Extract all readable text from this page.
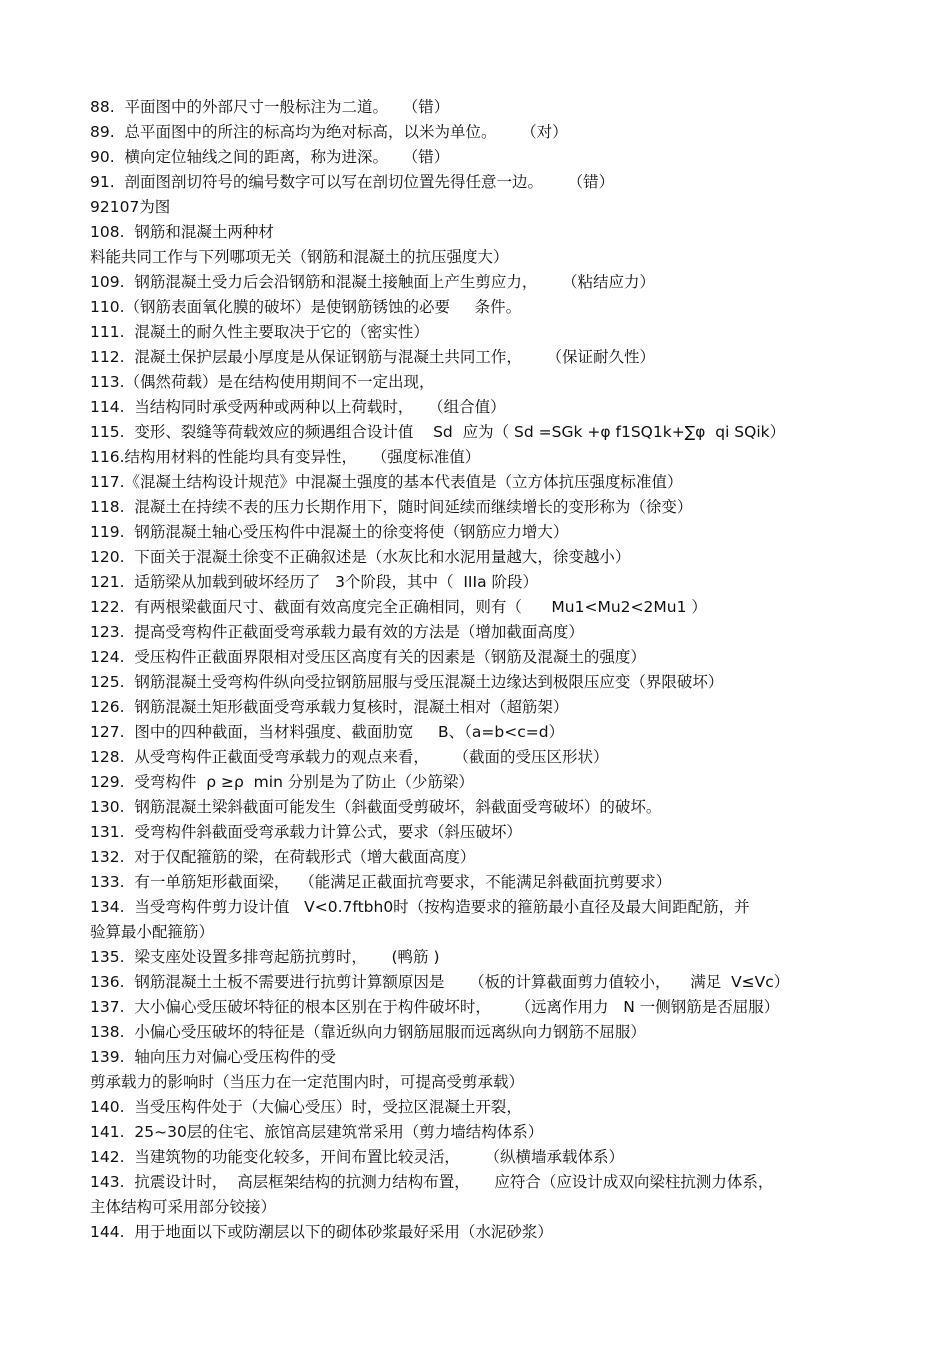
88.  平面图中的外部尺寸一般标注为二道。   （错）
89.  总平面图中的所注的标高均为绝对标高，以米为单位。     （对）
90.  横向定位轴线之间的距离，称为进深。   （错）
91.  剖面图剖切符号的编号数字可以写在剖切位置先得任意一边。     （错）
92107为图
108.  钢筋和混凝土两种材
料能共同工作与下列哪项无关（钢筋和混凝土的抗压强度大）
109.  钢筋混凝土受力后会沿钢筋和混凝土接触面上产生剪应力，     （粘结应力）
110.（钢筋表面氧化膜的破坏）是使钢筋锈蚀的必要     条件。
111.  混凝土的耐久性主要取决于它的（密实性）
112.  混凝土保护层最小厚度是从保证钢筋与混凝土共同工作，     （保证耐久性）
113.（偶然荷载）是在结构使用期间不一定出现，
114.  当结构同时承受两种或两种以上荷载时，   （组合值）
115.  变形、裂缝等荷载效应的频遇组合设计值    Sd  应为（ Sd =SGk +φ f1SQ1k+∑φ  qi SQik）
116.结构用材料的性能均具有变异性，   （强度标准值）
117.《混凝土结构设计规范》中混凝土强度的基本代表值是（立方体抗压强度标准值）
118.  混凝土在持续不表的压力长期作用下，随时间延续而继续增长的变形称为（徐变）
119.  钢筋混凝土轴心受压构件中混凝土的徐变将使（钢筋应力增大）
120.  下面关于混凝土徐变不正确叙述是（水灰比和水泥用量越大，徐变越小）
121.  适筋梁从加载到破坏经历了   3个阶段，其中（  IIIa 阶段）
122.  有两根梁截面尺寸、截面有效高度完全正确相同，则有（      Mu1<Mu2<2Mu1 ）
123.  提高受弯构件正截面受弯承载力最有效的方法是（增加截面高度）
124.  受压构件正截面界限相对受压区高度有关的因素是（钢筋及混凝土的强度）
125.  钢筋混凝土受弯构件纵向受拉钢筋屈服与受压混凝土边缘达到极限压应变（界限破坏）
126.  钢筋混凝土矩形截面受弯承载力复核时，混凝土相对（超筋架）
127.  图中的四种截面，当材料强度、截面肋宽     B、（a=b<c=d）
128.  从受弯构件正截面受弯承载力的观点来看，     （截面的受压区形状）
129.  受弯构件  ρ ≥ρ  min 分别是为了防止（少筋梁）
130.  钢筋混凝土梁斜截面可能发生（斜截面受剪破坏，斜截面受弯破坏）的破坏。
131.  受弯构件斜截面受弯承载力计算公式，要求（斜压破坏）
132.  对于仅配箍筋的梁，在荷载形式（增大截面高度）
133.  有一单筋矩形截面梁，  （能满足正截面抗弯要求，不能满足斜截面抗剪要求）
134.  当受弯构件剪力设计值   V<0.7ftbh0时（按构造要求的箍筋最小直径及最大间距配筋，并
验算最小配箍筋）
135.  梁支座处设置多排弯起筋抗剪时，     (鸭筋 )
136.  钢筋混凝土土板不需要进行抗剪计算额原因是     （板的计算截面剪力值较小，    满足  V≤Vc）
137.  大小偏心受压破坏特征的根本区别在于构件破坏时，     （远离作用力   N 一侧钢筋是否屈服）
138.  小偏心受压破坏的特征是（靠近纵向力钢筋屈服而远离纵向力钢筋不屈服）
139.  轴向压力对偏心受压构件的受
剪承载力的影响时（当压力在一定范围内时，可提高受剪承载）
140.  当受压构件处于（大偏心受压）时，受拉区混凝土开裂，
141.  25~30层的住宅、旅馆高层建筑常采用（剪力墙结构体系）
142.  当建筑物的功能变化较多，开间布置比较灵活，     （纵横墙承载体系）
143.  抗震设计时，  高层框架结构的抗测力结构布置，     应符合（应设计成双向梁柱抗测力体系，
主体结构可采用部分铰接）
144.  用于地面以下或防潮层以下的砌体砂浆最好采用（水泥砂浆）
